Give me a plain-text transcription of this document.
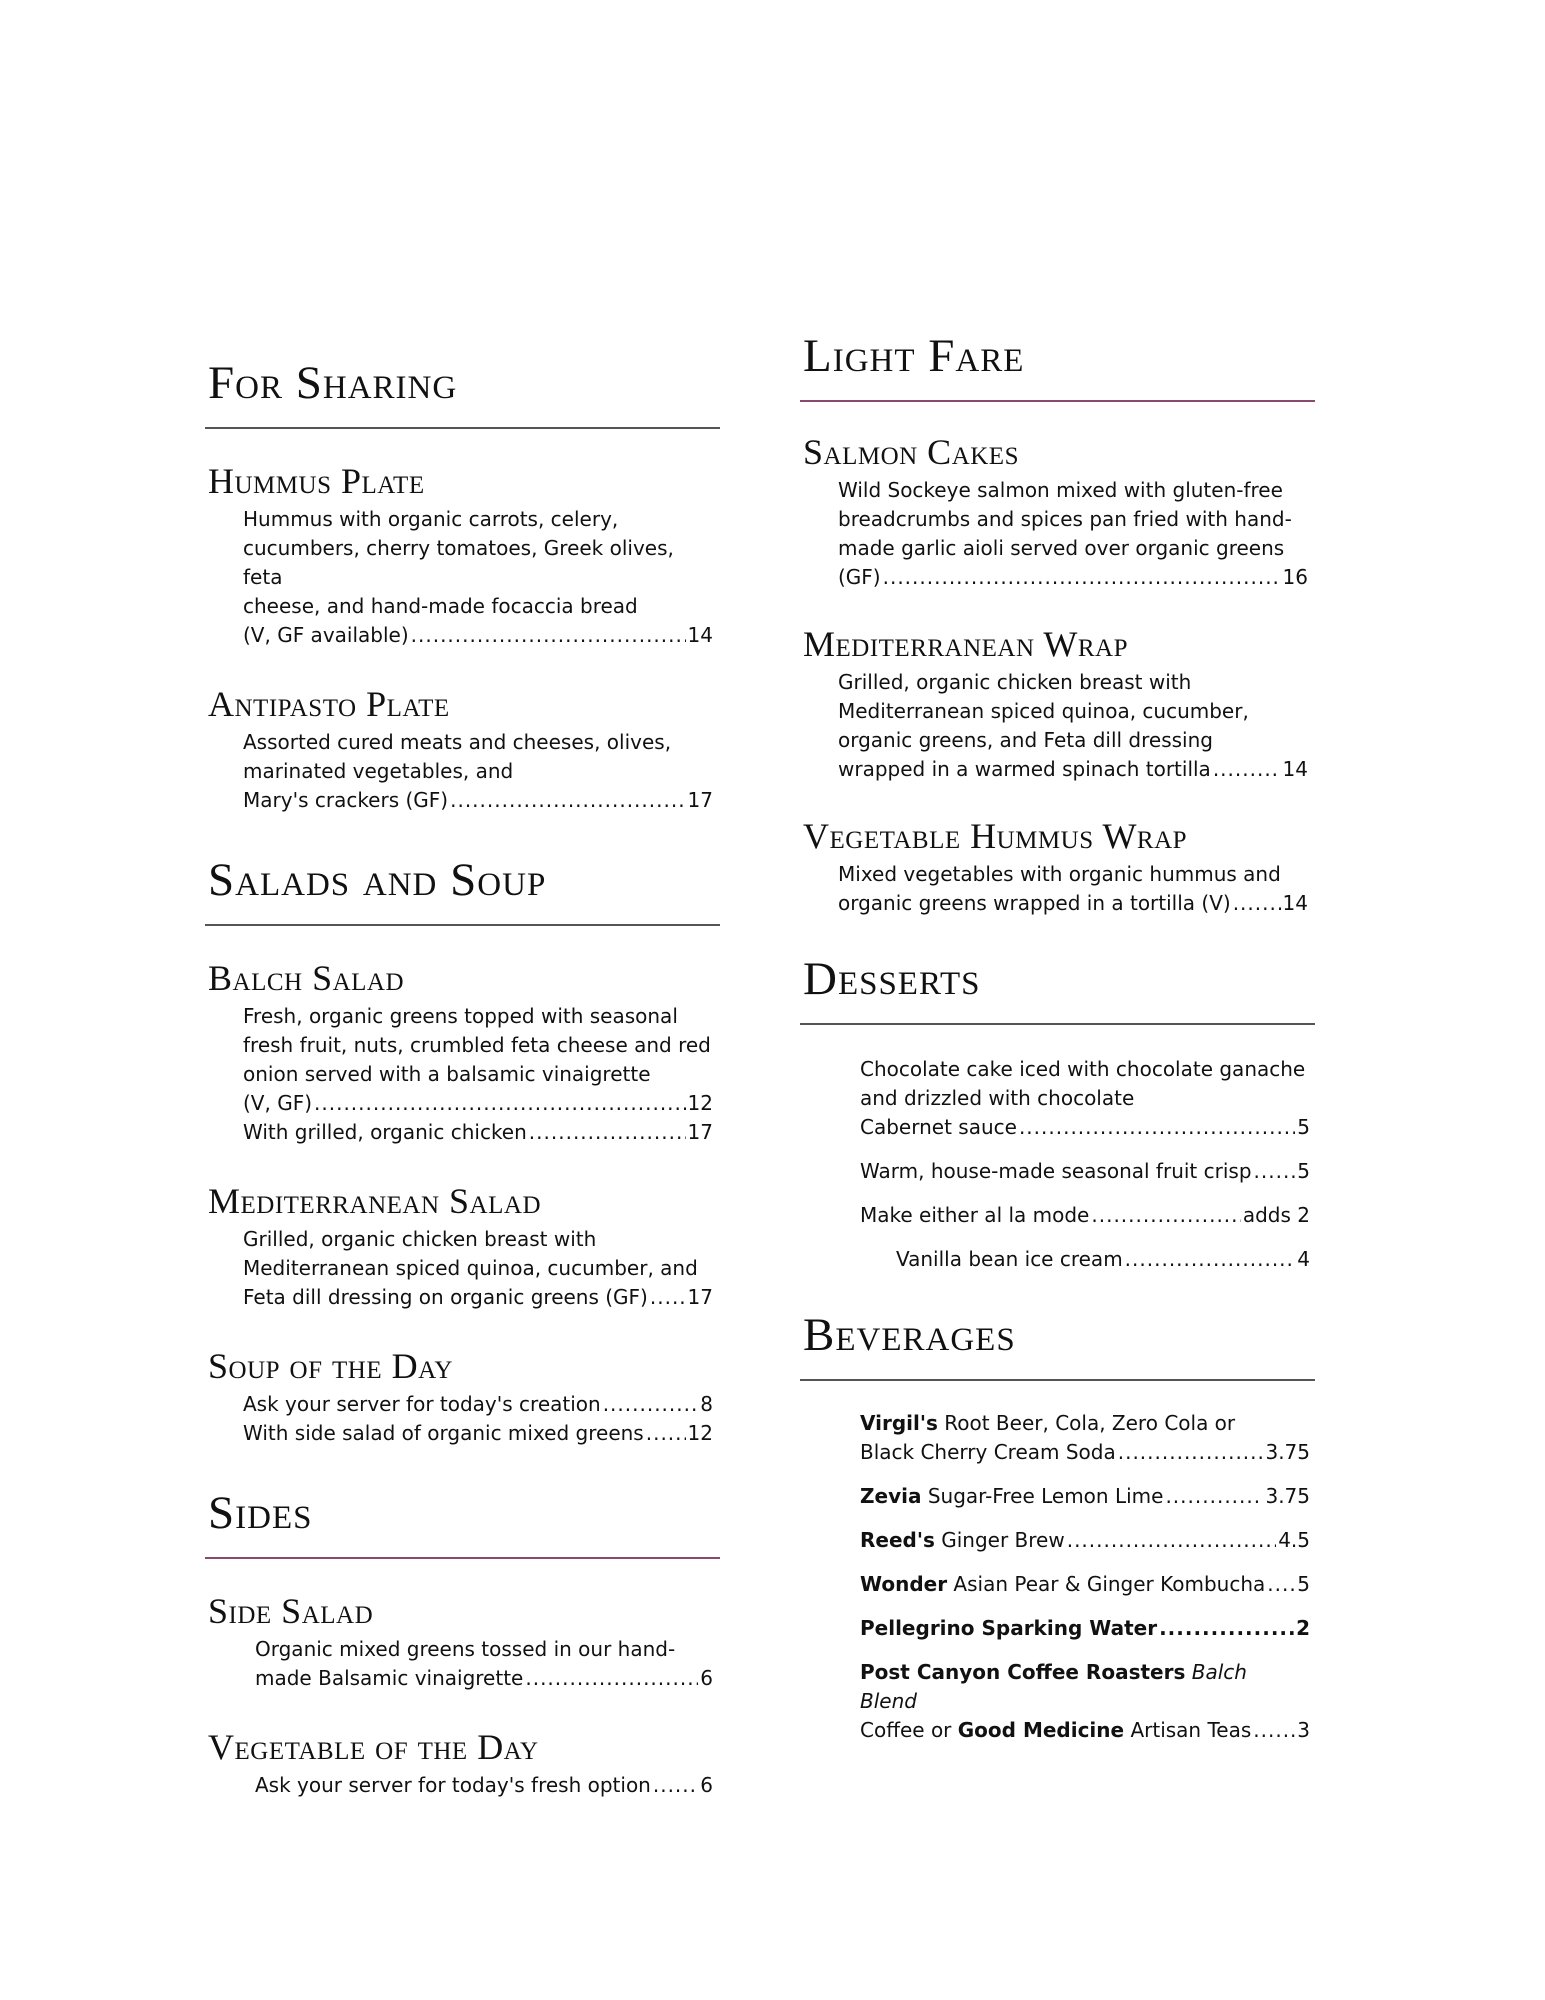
For Sharing
Hummus Plate
Hummus with organic carrots, celery,
cucumbers, cherry tomatoes, Greek olives, feta
cheese, and hand-made focaccia bread
(V, GF available) .....	14
Antipasto Plate
Assorted cured meats and cheeses, olives,
marinated vegetables, and
Mary's crackers (GF) .....	17
Salads and Soup
Balch Salad
Fresh, organic greens topped with seasonal
fresh fruit, nuts, crumbled feta cheese and red
onion served with a balsamic vinaigrette
(V, GF) .....	12
With grilled, organic chicken .....	17
Mediterranean Salad
Grilled, organic chicken breast with
Mediterranean spiced quinoa, cucumber, and
Feta dill dressing on organic greens (GF) ..... 17
Soup of the Day
Ask your server for today's creation .....	8
With side salad of organic mixed greens ..... 12
Sides
Side Salad
Organic mixed greens tossed in our hand-
made Balsamic vinaigrette .....	6
Vegetable of the Day
Ask your server for today's fresh option ..... 6
Light Fare
Salmon Cakes
Wild Sockeye salmon mixed with gluten-free
breadcrumbs and spices pan fried with hand-
made garlic aioli served over organic greens
(GF) .....	16
Mediterranean Wrap
Grilled, organic chicken breast with
Mediterranean spiced quinoa, cucumber,
organic greens, and Feta dill dressing
wrapped in a warmed spinach tortilla .....	14
Vegetable Hummus Wrap
Mixed vegetables with organic hummus and
organic greens wrapped in a tortilla (V) .....	14
Desserts
Chocolate cake iced with chocolate ganache
and drizzled with chocolate
Cabernet sauce .....	5
Warm, house-made seasonal fruit crisp ..... 5
Make either al la mode .....	adds 2
Vanilla bean ice cream .....	4
Beverages
Virgil's Root Beer, Cola, Zero Cola or
Black Cherry Cream Soda .....	3.75
Zevia Sugar-Free Lemon Lime .....	3.75
Reed's Ginger Brew .....	4.5
Wonder Asian Pear & Ginger Kombucha ..... 5
Pellegrino Sparking Water .....	2
Post Canyon Coffee Roasters Balch Blend
Coffee or Good Medicine Artisan Teas ..... 3
